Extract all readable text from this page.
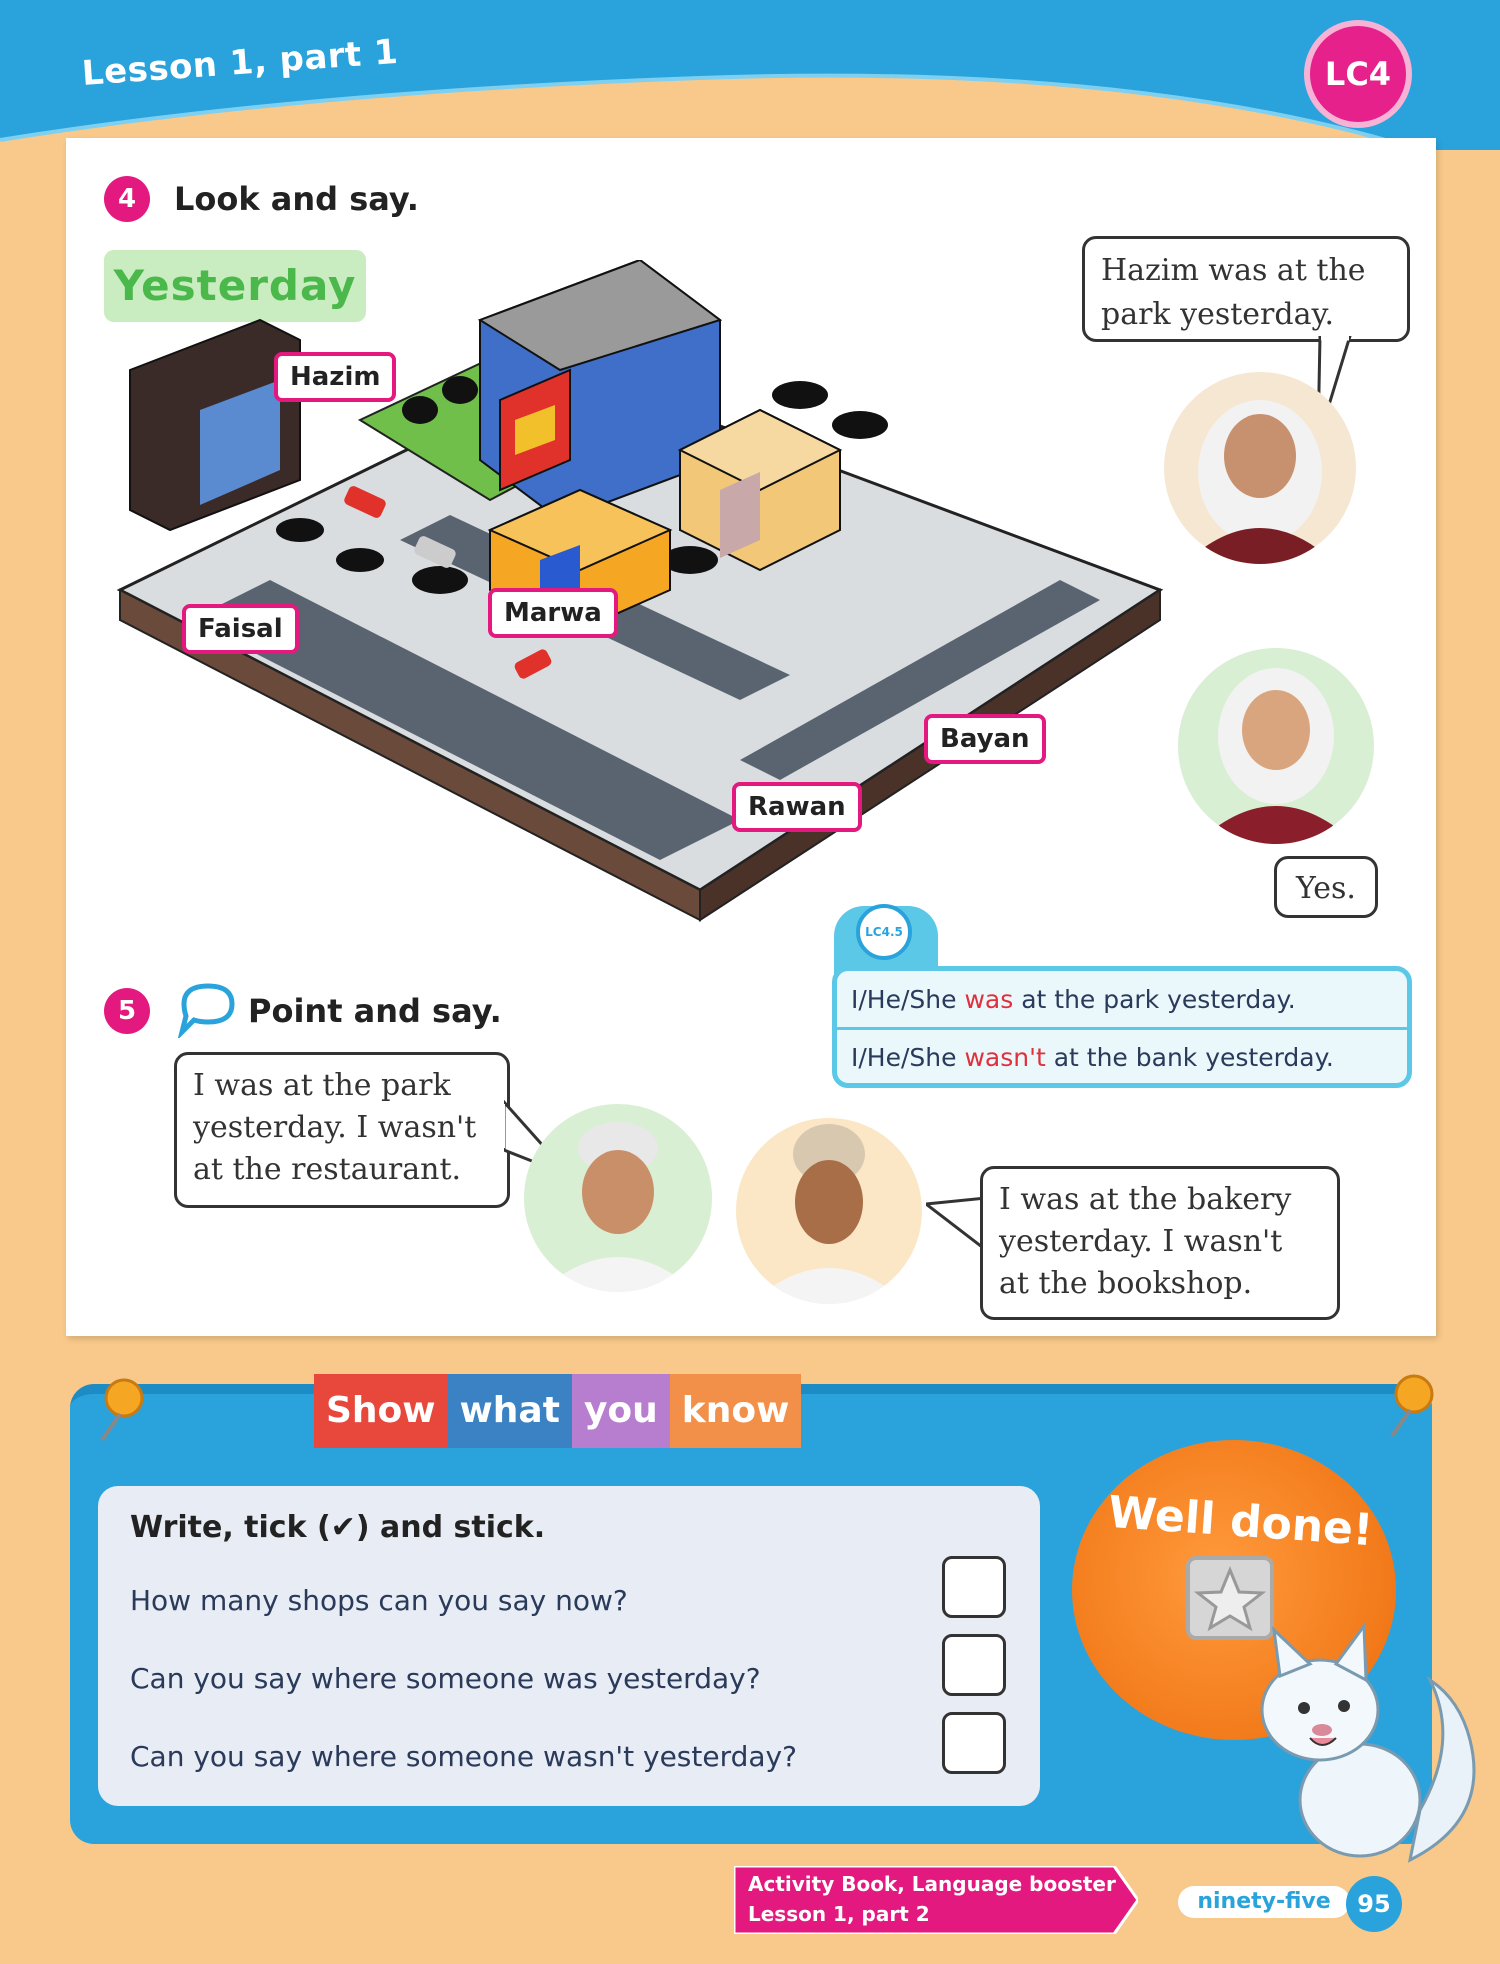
Lesson 1, part 1	LC4
4	Look and say.
Yesterday
Hazim
Faisal
Marwa
Bayan
Rawan
Hazim was at the park yesterday.
Yes.
LC4.5
I/He/She was at the park yesterday.
I/He/She wasn't at the bank yesterday.
5	Point and say.
I was at the park yesterday. I wasn't at the restaurant.
I was at the bakery yesterday. I wasn't at the bookshop.
Show what you know
Write, tick (✔) and stick.
How many shops can you say now?
Can you say where someone was yesterday?
Can you say where someone wasn't yesterday?
Well done!
Activity Book, Language booster
Lesson 1, part 2	ninety-five	95
